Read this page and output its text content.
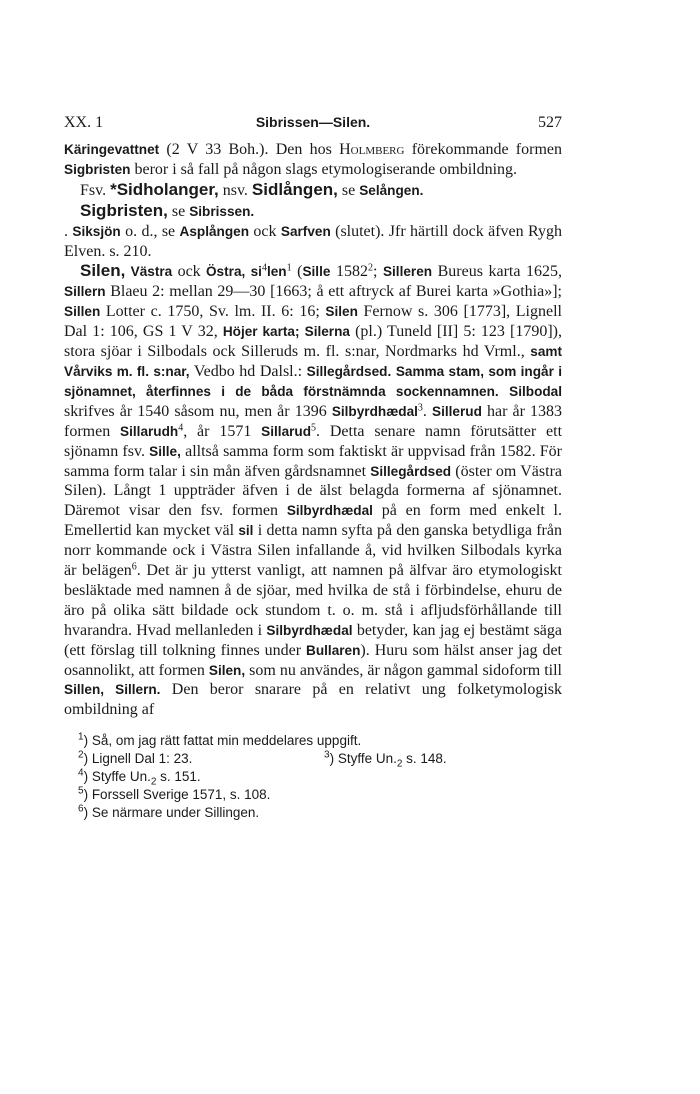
XX. 1	Sibrissen—Silen.	527

Käringevattnet (2 V 33 Boh.). Den hos Holmberg förekommande formen Sigbristen beror i så fall på någon slags etymologiserande ombildning.

Fsv. *Sidholanger, nsv. Sidlången, se Selången.

Sigbristen, se Sibrissen.

. Siksjön o. d., se Asplången ock Sarfven (slutet). Jfr härtill dock äfven Rygh Elven. s. 210.

Silen, Västra ock Östra, $si^4len^1$ (Sille 1582$^2$; Silleren Bureus karta 1625, Sillern Blaeu 2: mellan 29—30 [1663; å ett aftryck af Burei karta »Gothia»]; Sillen Lotter c. 1750, Sv. lm. II. 6: 16; Silen Fernow s. 306 [1773], Lignell Dal 1: 106, GS 1 V 32, Höjer karta; Silerna (pl.) Tuneld [II] 5: 123 [1790]), stora sjöar i Silbodals ock Silleruds m. fl. s:nar, Nordmarks hd Vrml., samt Vårviks m. fl. s:nar, Vedbo hd Dalsl.: Sillegårdsed. Samma stam, som ingår i sjönamnet, återfinnes i de båda förstnämnda sockennamnen. Silbodal skrifves år 1540 såsom nu, men år 1396 Silbyrdhædal$^3$. Sillerud har år 1383 formen Sillarudh$^4$, år 1571 Sillarud$^5$. Detta senare namn förutsätter ett sjönamn fsv. Sille, alltså samma form som faktiskt är uppvisad från 1582. För samma form talar i sin mån äfven gårdsnamnet Sillegårdsed (öster om Västra Silen). Långt 1 uppträder äfven i de älst belagda formerna af sjönamnet. Däremot visar den fsv. formen Silbyrdhædal på en form med enkelt l. Emellertid kan mycket väl sil i detta namn syfta på den ganska betydliga från norr kommande ock i Västra Silen infallande å, vid hvilken Silbodals kyrka är belägen$^6$. Det är ju ytterst vanligt, att namnen på älfvar äro etymologiskt besläktade med namnen å de sjöar, med hvilka de stå i förbindelse, ehuru de äro på olika sätt bildade ock stundom t. o. m. stå i afljudsförhållande till hvarandra. Hvad mellanleden i Silbyrdhædal betyder, kan jag ej bestämt säga (ett förslag till tolkning finnes under Bullaren). Huru som hälst anser jag det osannolikt, att formen Silen, som nu användes, är någon gammal sidoform till Sillen, Sillern. Den beror snarare på en relativt ung folketymologisk ombildning af

$^1$) Så, om jag rätt fattat min meddelares uppgift.
$^2$) Lignell Dal 1: 23.	$^3$) Styffe $Un._2$ s. 148.
$^4$) Styffe $Un._2$ s. 151.
$^5$) Forssell Sverige 1571, s. 108.
$^6$) Se närmare under Sillingen.
